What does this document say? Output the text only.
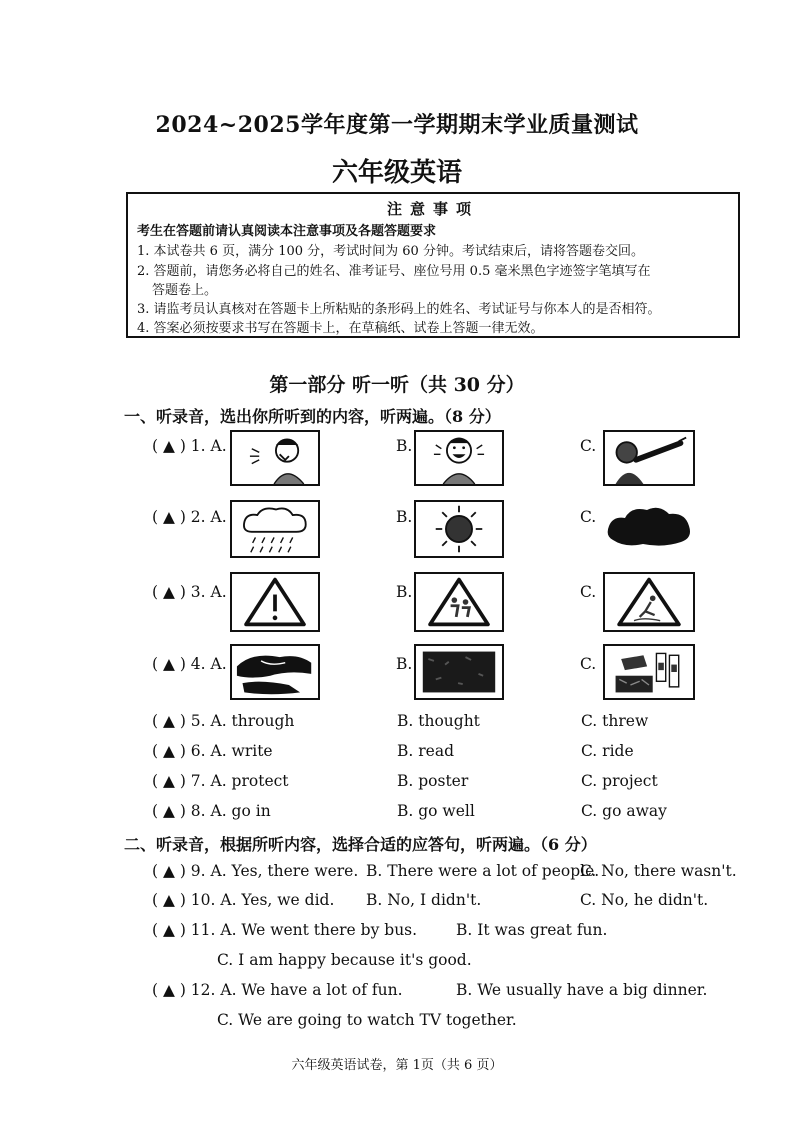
2024~2025学年度第一学期期末学业质量测试
六年级英语
注意事项
考生在答题前请认真阅读本注意事项及各题答题要求
1. 本试卷共 6 页，满分 100 分，考试时间为 60 分钟。考试结束后，请将答题卷交回。
2. 答题前，请您务必将自己的姓名、准考证号、座位号用 0.5 毫米黑色字迹签字笔填写在
答题卷上。
3. 请监考员认真核对在答题卡上所粘贴的条形码上的姓名、考试证号与你本人的是否相符。
4. 答案必须按要求书写在答题卡上，在草稿纸、试卷上答题一律无效。
第一部分 听一听（共 30 分）
一、听录音，选出你所听到的内容，听两遍。（8 分）
( ▲ ) 1. A.	B.	C.
( ▲ ) 2. A.	B.	C.
( ▲ ) 3. A.	B.	C.
( ▲ ) 4. A.	B.	C.
( ▲ ) 5. A. through	B. thought	C. threw
( ▲ ) 6. A. write	B. read	C. ride
( ▲ ) 7. A. protect	B. poster	C. project
( ▲ ) 8. A. go in	B. go well	C. go away
二、听录音，根据所听内容，选择合适的应答句，听两遍。（6 分）
( ▲ ) 9. A. Yes, there were. B. There were a lot of people.
C. No, there wasn't.
( ▲ ) 10. A. Yes, we did. B. No, I didn't.	C. No, he didn't.
( ▲ ) 11. A. We went there by bus.	B. It was great fun.
C. I am happy because it's good.
( ▲ ) 12. A. We have a lot of fun.	B. We usually have a big dinner.
C. We are going to watch TV together.
六年级英语试卷，第 1页（共 6 页）
